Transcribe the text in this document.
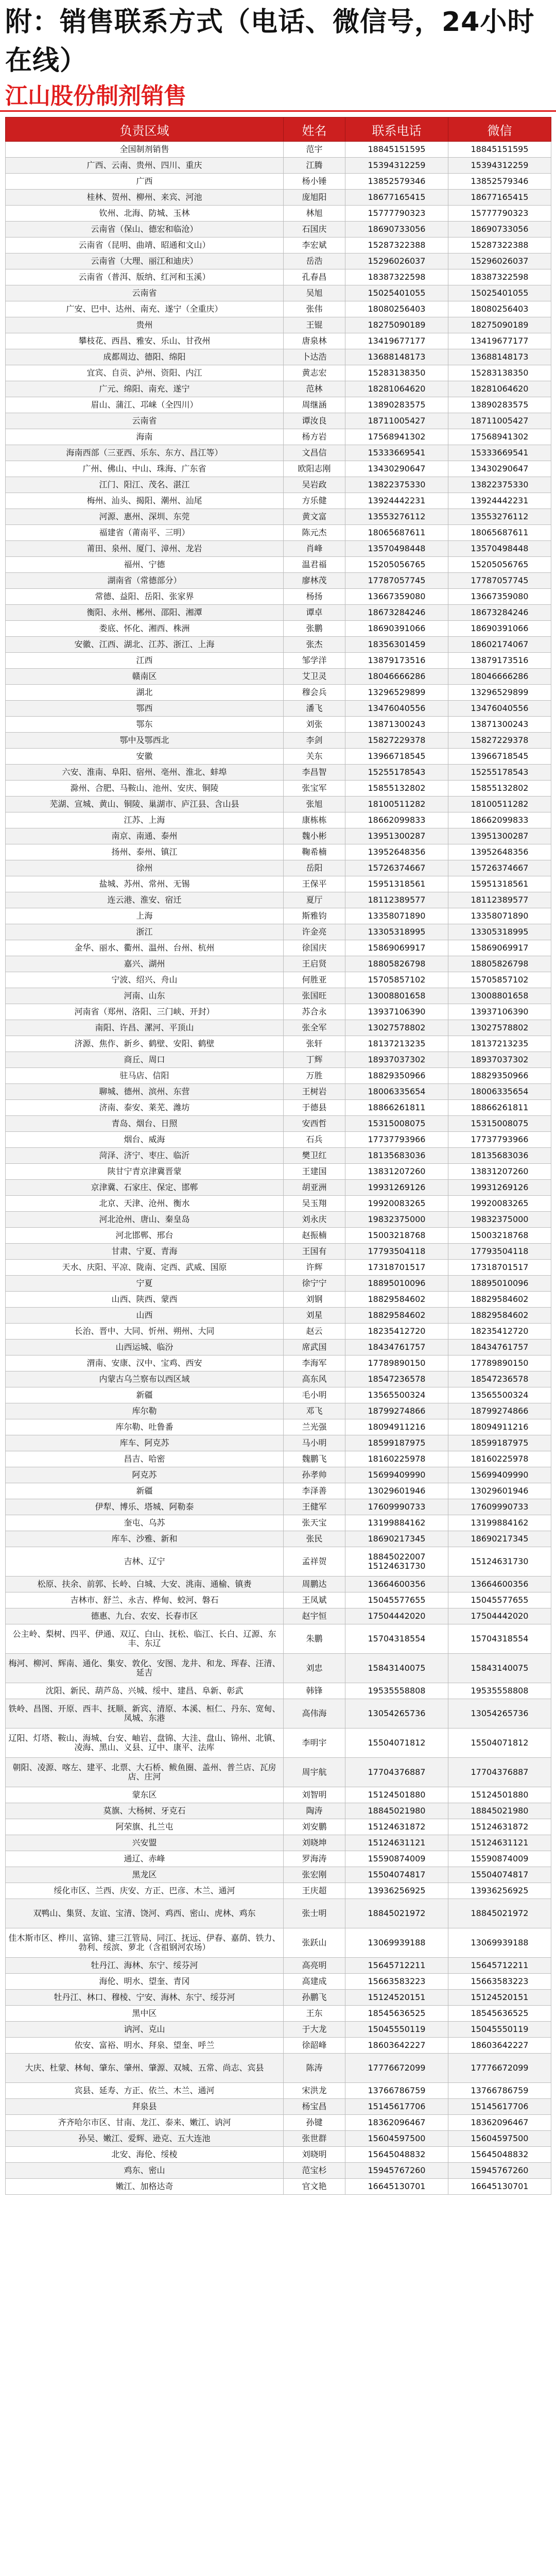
附：销售联系方式（电话、微信号，24小时在线）
江山股份制剂销售
负责区域	姓名	联系电话	微信
全国制剂销售	范宇	18845151595	18845151595
广西、云南、贵州、四川、重庆	江腾	15394312259	15394312259
广西	杨小锤	13852579346	13852579346
桂林、贺州、柳州、来宾、河池	庞旭阳	18677165415	18677165415
钦州、北海、防城、玉林	林旭	15777790323	15777790323
云南省（保山、德宏和临沧）	石国庆	18690733056	18690733056
云南省（昆明、曲靖、昭通和文山）	李宏斌	15287322388	15287322388
云南省（大理、丽江和迪庆）	岳浩	15296026037	15296026037
云南省（普洱、版纳、红河和玉溪）	孔春昌	18387322598	18387322598
云南省	吴旭	15025401055	15025401055
广安、巴中、达州、南充、遂宁（全重庆）	张伟	18080256403	18080256403
贵州	王锟	18275090189	18275090189
攀枝花、西昌、雅安、乐山、甘孜州	唐泉林	13419677177	13419677177
成都周边、德阳、绵阳	卜达浩	13688148173	13688148173
宜宾、自贡、泸州、资阳、内江	黄志宏	15283138350	15283138350
广元、绵阳、南充、遂宁	范林	18281064620	18281064620
眉山、蒲江、邛崃（全四川）	周继涵	13890283575	13890283575
云南省	谭汝良	18711005427	18711005427
海南	杨方岩	17568941302	17568941302
海南西部（三亚西、乐东、东方、昌江等）	文昌信	15333669541	15333669541
广州、佛山、中山、珠海、广东省	欧阳志刚	13430290647	13430290647
江门、阳江、茂名、湛江	吴岩政	13822375330	13822375330
梅州、汕头、揭阳、潮州、汕尾	方乐健	13924442231	13924442231
河源、惠州、深圳、东莞	黄文富	13553276112	13553276112
福建省（莆南平、三明）	陈元杰	18065687611	18065687611
莆田、泉州、厦门、漳州、龙岩	肖峰	13570498448	13570498448
福州、宁德	温君福	15205056765	15205056765
湖南省（常德部分）	廖林茂	17787057745	17787057745
常德、益阳、岳阳、张家界	杨扬	13667359080	13667359080
衡阳、永州、郴州、邵阳、湘潭	谭卓	18673284246	18673284246
娄底、怀化、湘西、株洲	张鹏	18690391066	18690391066
安徽、江西、湖北、江苏、浙江、上海	张杰	18356301459	18602174067
江西	邹学洋	13879173516	13879173516
赣南区	艾卫灵	18046666286	18046666286
湖北	穆会兵	13296529899	13296529899
鄂西	潘飞	13476040556	13476040556
鄂东	刘张	13871300243	13871300243
鄂中及鄂西北	李剑	15827229378	15827229378
安徽	关东	13966718545	13966718545
六安、淮南、阜阳、宿州、亳州、淮北、蚌埠	李昌智	15255178543	15255178543
滁州、合肥、马鞍山、池州、安庆、铜陵	张宝军	15855132802	15855132802
芜湖、宣城、黄山、铜陵、巢湖市、庐江县、含山县	张旭	18100511282	18100511282
江苏、上海	康栋栋	18662099833	18662099833
南京、南通、泰州	魏小彬	13951300287	13951300287
扬州、泰州、镇江	鞠希楠	13952648356	13952648356
徐州	岳阳	15726374667	15726374667
盐城、苏州、常州、无锡	王保平	15951318561	15951318561
连云港、淮安、宿迁	夏厅	18112389577	18112389577
上海	斯雅钧	13358071890	13358071890
浙江	许金亮	13305318995	13305318995
金华、丽水、衢州、温州、台州、杭州	徐国庆	15869069917	15869069917
嘉兴、湖州	王启贤	18805826798	18805826798
宁波、绍兴、舟山	何胜亚	15705857102	15705857102
河南、山东	张国旺	13008801658	13008801658
河南省（郑州、洛阳、三门峡、开封）	苏合永	13937106390	13937106390
南阳、许昌、漯河、平顶山	张全军	13027578802	13027578802
济源、焦作、新乡、鹤壁、安阳、鹤壁	张轩	18137213235	18137213235
商丘、周口	丁辉	18937037302	18937037302
驻马店、信阳	万胜	18829350966	18829350966
聊城、德州、滨州、东营	王树岩	18006335654	18006335654
济南、泰安、莱芜、潍坊	于德县	18866261811	18866261811
青岛、烟台、日照	安西哲	15315008075	15315008075
烟台、威海	石兵	17737793966	17737793966
菏泽、济宁、枣庄、临沂	樊卫红	18135683036	18135683036
陕甘宁青京津冀晋蒙	王建国	13831207260	13831207260
京津冀、石家庄、保定、邯郸	胡亚洲	19931269126	19931269126
北京、天津、沧州、衡水	吴玉翔	19920083265	19920083265
河北沧州、唐山、秦皇岛	刘永庆	19832375000	19832375000
河北邯郸、邢台	赵振楠	15003218768	15003218768
甘肃、宁夏、青海	王国有	17793504118	17793504118
天水、庆阳、平凉、陇南、定西、武威、国原	许辉	17318701517	17318701517
宁夏	徐宁宁	18895010096	18895010096
山西、陕西、蒙西	刘钢	18829584602	18829584602
山西	刘星	18829584602	18829584602
长治、晋中、大同、忻州、朔州、大同	赵云	18235412720	18235412720
山西运城、临汾	席武国	18434761757	18434761757
渭南、安康、汉中、宝鸡、西安	李海军	17789890150	17789890150
内蒙古乌兰察布以西区域	高东风	18547236578	18547236578
新疆	毛小明	13565500324	13565500324
库尔勒	邓飞	18799274866	18799274866
库尔勒、吐鲁番	兰光强	18094911216	18094911216
库车、阿克苏	马小明	18599187975	18599187975
昌吉、哈密	魏鹏飞	18160225978	18160225978
阿克苏	孙孝帅	15699409990	15699409990
新疆	李泽善	13029601946	13029601946
伊犁、博乐、塔城、阿勒泰	王健军	17609990733	17609990733
奎屯、乌苏	张天宝	13199884162	13199884162
库车、沙雅、新和	张民	18690217345	18690217345
吉林、辽宁	孟祥贺	18845022007 15124631730	15124631730
松原、扶余、前郭、长岭、白城、大安、洮南、通榆、镇赉	周鹏达	13664600356	13664600356
吉林市、舒兰、永吉、桦甸、蛟河、磐石	王凤斌	15045577655	15045577655
德惠、九台、农安、长春市区	赵宇恒	17504442020	17504442020
公主岭、梨树、四平、伊通、双辽、白山、抚松、临江、长白、辽源、东丰、东辽	朱鹏	15704318554	15704318554
梅河、柳河、辉南、通化、集安、敦化、安图、龙井、和龙、珲春、汪清、延吉	刘忠	15843140075	15843140075
沈阳、新民、葫芦岛、兴城、绥中、建昌、阜新、彰武	韩锋	19535558808	19535558808
铁岭、昌图、开原、西丰、抚顺、新宾、清原、本溪、桓仁、丹东、宽甸、凤城、东港	高伟海	13054265736	13054265736
辽阳、灯塔、鞍山、海城、台安、岫岩、盘锦、大洼、盘山、锦州、北镇、凌海、黑山、义县、辽中、康平、法库	李明宇	15504071812	15504071812
朝阳、凌源、喀左、建平、北票、大石桥、鲅鱼圈、盖州、普兰店、瓦房店、庄河	周宇航	17704376887	17704376887
蒙东区	刘智明	15124501880	15124501880
莫旗、大杨树、牙克石	陶涛	18845021980	18845021980
阿荣旗、扎兰屯	刘安鹏	15124631872	15124631872
兴安盟	刘晓坤	15124631121	15124631121
通辽、赤峰	罗海涛	15590874009	15590874009
黑龙区	张宏刚	15504074817	15504074817
绥化市区、兰西、庆安、方正、巴彦、木兰、通河	王庆超	13936256925	13936256925
双鸭山、集贤、友谊、宝清、饶河、鸡西、密山、虎林、鸡东	张士明	18845021972	18845021972
佳木斯市区、桦川、富锦、建三江管局、同江、抚远、伊春、嘉荫、铁力、勃利、绥滨、萝北（含祖钢河农场）	张跃山	13069939188	13069939188
牡丹江、海林、东宁、绥芬河	高亮明	15645712211	15645712211
海伦、明水、望奎、青冈	高建成	15663583223	15663583223
牡丹江、林口、穆棱、宁安、海林、东宁、绥芬河	孙鹏飞	15124520151	15124520151
黑中区	王东	18545636525	18545636525
讷河、克山	于大龙	15045550119	15045550119
依安、富裕、明水、拜泉、望奎、呼兰	徐韶峰	18603642227	18603642227
大庆、杜蒙、林甸、肇东、肇州、肇源、双城、五常、尚志、宾县	陈涛	17776672099	17776672099
宾县、延寿、方正、依兰、木兰、通河	宋洪龙	13766786759	13766786759
拜泉县	杨宝昌	15145617706	15145617706
齐齐哈尔市区、甘南、龙江、泰来、嫩江、讷河	孙键	18362096467	18362096467
孙吴、嫩江、爱辉、逊克、五大连池	张世群	15604597500	15604597500
北安、海伦、绥棱	刘晓明	15645048832	15645048832
鸡东、密山	范宝杉	15945767260	15945767260
嫩江、加格达奇	官文艳	16645130701	16645130701
